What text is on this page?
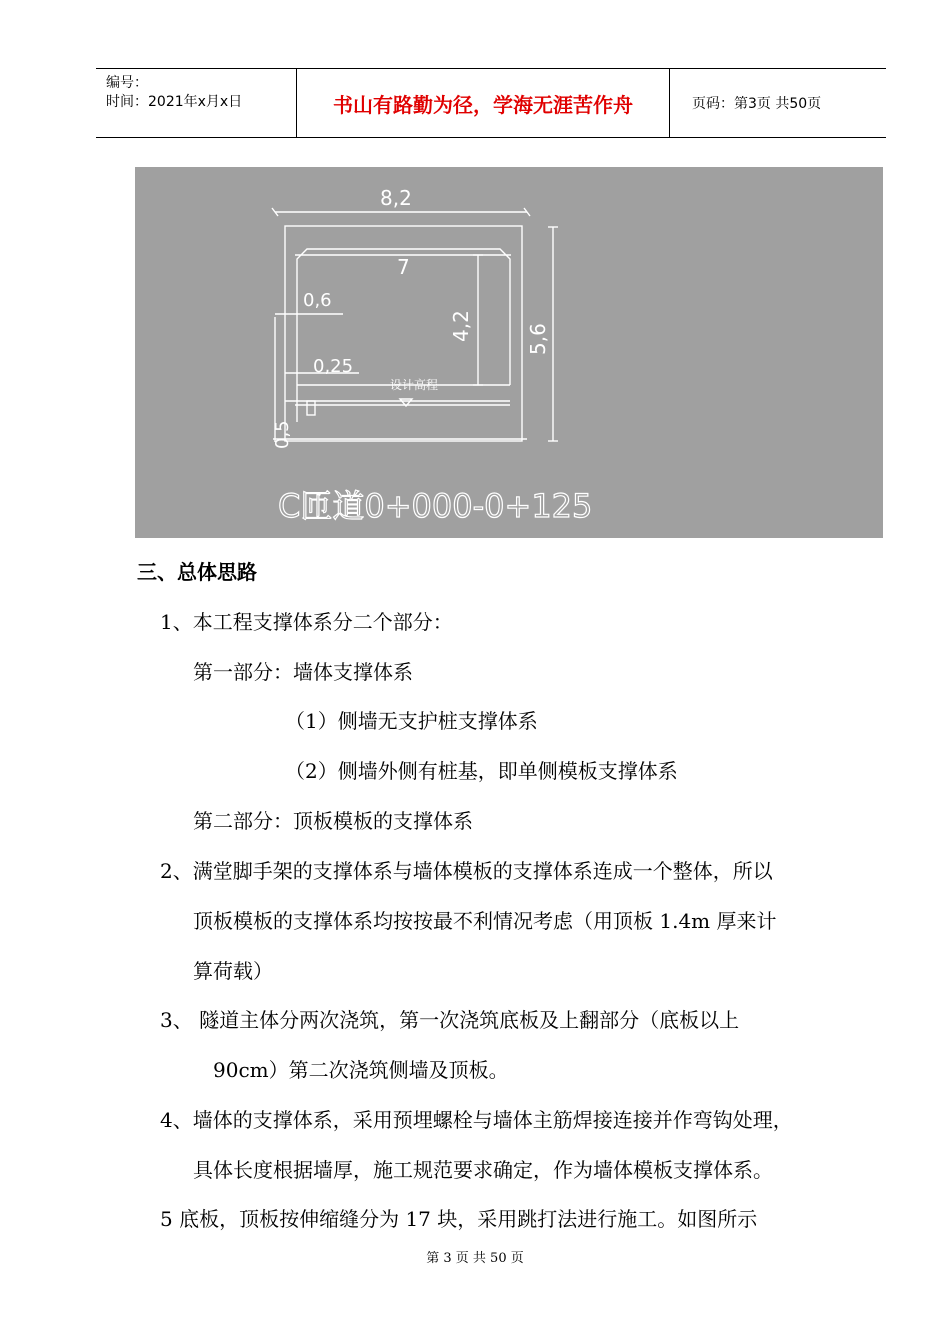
编号：
时间：2021年x月x日	书山有路勤为径，学海无涯苦作舟	页码：第3页 共50页
8,2
7
0,6
0,25
设计高程
4,2	5,6
0,5
C匝道0+000-0+125
三、总体思路
1、本工程支撑体系分二个部分：
第一部分：墙体支撑体系
（1）侧墙无支护桩支撑体系
（2）侧墙外侧有桩基，即单侧模板支撑体系
第二部分：顶板模板的支撑体系
2、满堂脚手架的支撑体系与墙体模板的支撑体系连成一个整体，所以
顶板模板的支撑体系均按按最不利情况考虑（用顶板 1.4m 厚来计
算荷载）
3、 隧道主体分两次浇筑，第一次浇筑底板及上翻部分（底板以上
90cm）第二次浇筑侧墙及顶板。
4、墙体的支撑体系，采用预埋螺栓与墙体主筋焊接连接并作弯钩处理，
具体长度根据墙厚，施工规范要求确定，作为墙体模板支撑体系。
5 底板，顶板按伸缩缝分为 17 块，采用跳打法进行施工。如图所示
第 3 页 共 50 页
